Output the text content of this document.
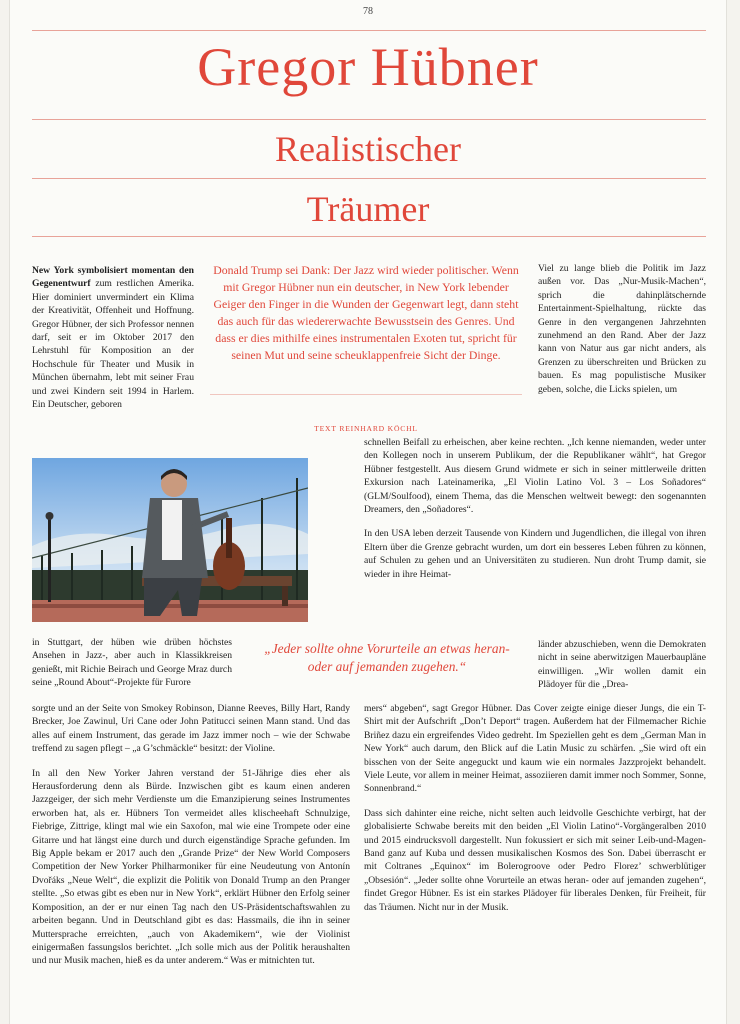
78
Gregor Hübner
Realistischer
Träumer

New York symbolisiert momentan den Gegenentwurf zum restlichen Amerika. Hier dominiert unvermindert ein Klima der Kreativität, Offenheit und Hoffnung. Gregor Hübner, der sich Professor nennen darf, seit er im Oktober 2017 den Lehrstuhl für Komposition an der Hochschule für Theater und Musik in München übernahm, lebt mit seiner Frau und zwei Kindern seit 1994 in Harlem. Ein Deutscher, geboren

Donald Trump sei Dank: Der Jazz wird wieder politischer. Wenn mit Gregor Hübner nun ein deutscher, in New York lebender Geiger den Finger in die Wunden der Gegenwart legt, dann steht das auch für das wiedererwachte Bewusstsein des Genres. Und dass er dies mithilfe eines instrumentalen Exoten tut, spricht für seinen Mut und seine scheuklappenfreie Sicht der Dinge.
TEXT REINHARD KÖCHL
Viel zu lange blieb die Politik im Jazz außen vor. Das „Nur-Musik-Machen“, sprich die dahinplätschernde Entertainment-Spielhaltung, rückte das Genre in den vergangenen Jahrzehnten zunehmend an den Rand. Aber der Jazz kann von Natur aus gar nicht anders, als Grenzen zu überschreiten und Brücken zu bauen. Es mag populistische Musiker geben, solche, die Licks spielen, um

schnellen Beifall zu erheischen, aber keine rechten. „Ich kenne niemanden, weder unter den Kollegen noch in unserem Publikum, der die Republikaner wählt“, hat Gregor Hübner festgestellt. Aus diesem Grund widmete er sich in seiner mittlerweile dritten Exkursion nach Lateinamerika, „El Violin Latino Vol. 3 – Los Soñadores“ (GLM/Soulfood), einem Thema, das die Menschen weltweit bewegt: den sogenannten Dreamers, den „Soñadores“.

In den USA leben derzeit Tausende von Kindern und Jugendlichen, die illegal von ihren Eltern über die Grenze gebracht wurden, um dort ein besseres Leben führen zu können, auf Schulen zu gehen und an Universitäten zu studieren. Nun droht Trump damit, sie wieder in ihre Heimat-

länder abzuschieben, wenn die Demokraten nicht in seine aberwitzigen Mauerbaupläne einwilligen. „Wir wollen damit ein Plädoyer für die „Drea-
in Stuttgart, der hüben wie drüben höchstes Ansehen in Jazz-, aber auch in Klassikkreisen genießt, mit Richie Beirach und George Mraz durch seine „Round About“-Projekte für Furore
„Jeder sollte ohne Vorurteile an etwas heran- oder auf jemanden zugehen.“

sorgte und an der Seite von Smokey Robinson, Dianne Reeves, Billy Hart, Randy Brecker, Joe Zawinul, Uri Cane oder John Patitucci seinen Mann stand. Und das alles auf einem Instrument, das gerade im Jazz immer noch – wie der Schwabe treffend zu sagen pflegt – „a G’schmäckle“ besitzt: der Violine.

In all den New Yorker Jahren verstand der 51-Jährige dies eher als Herausforderung denn als Bürde. Inzwischen gibt es kaum einen anderen Jazzgeiger, der sich mehr Verdienste um die Emanzipierung seines Instrumentes erworben hat, als er. Hübners Ton vermeidet alles klischeehaft Schnulzige, Fiebrige, Zittrige, klingt mal wie ein Saxofon, mal wie eine Trompete oder eine Gitarre und hat längst eine durch und durch eigenständige Sprache gefunden. Im Big Apple bekam er 2017 auch den „Grande Prize“ der New World Composers Competition der New Yorker Philharmoniker für eine Neudeutung von Antonín Dvořáks „Neue Welt“, die explizit die Politik von Donald Trump an den Pranger stellte. „So etwas gibt es eben nur in New York“, erklärt Hübner den Erfolg seiner Komposition, an der er nur einen Tag nach den US-Präsidentschaftswahlen zu arbeiten begann. Und in Deutschland gibt es das: Hassmails, die ihn in seiner Muttersprache erreichten, „auch von Akademikern“, wie der Violinist einigermaßen fassungslos berichtet. „Ich solle mich aus der Politik heraushalten und nur Musik machen, hieß es da unter anderem.“ Was er mitnichten tut.

mers“ abgeben“, sagt Gregor Hübner. Das Cover zeigte einige dieser Jungs, die ein T-Shirt mit der Aufschrift „Don’t Deport“ tragen. Außerdem hat der Filmemacher Richie Briñez dazu ein ergreifendes Video gedreht. Im Speziellen geht es dem „German Man in New York“ auch darum, den Blick auf die Latin Music zu schärfen. „Sie wird oft ein bisschen von der Seite angeguckt und kaum wie ein normales Jazzprojekt behandelt. Viele Leute, vor allem in meiner Heimat, assoziieren damit immer noch Sommer, Sonne, Sonnenbrand.“

Dass sich dahinter eine reiche, nicht selten auch leidvolle Geschichte verbirgt, hat der globalisierte Schwabe bereits mit den beiden „El Violin Latino“-Vorgängeralben 2010 und 2015 eindrucksvoll dargestellt. Nun fokussiert er sich mit seiner Leib-und-Magen-Band ganz auf Kuba und dessen musikalischen Kosmos des Son. Dabei überrascht er mit Coltranes „Equinox“ im Bolerogroove oder Pedro Florez’ schwerblütiger „Obsesión“. „Jeder sollte ohne Vorurteile an etwas heran- oder auf jemanden zugehen“, findet Gregor Hübner. Es ist ein starkes Plädoyer für liberales Denken, für Freiheit, für das Träumen. Nicht nur in der Musik.
